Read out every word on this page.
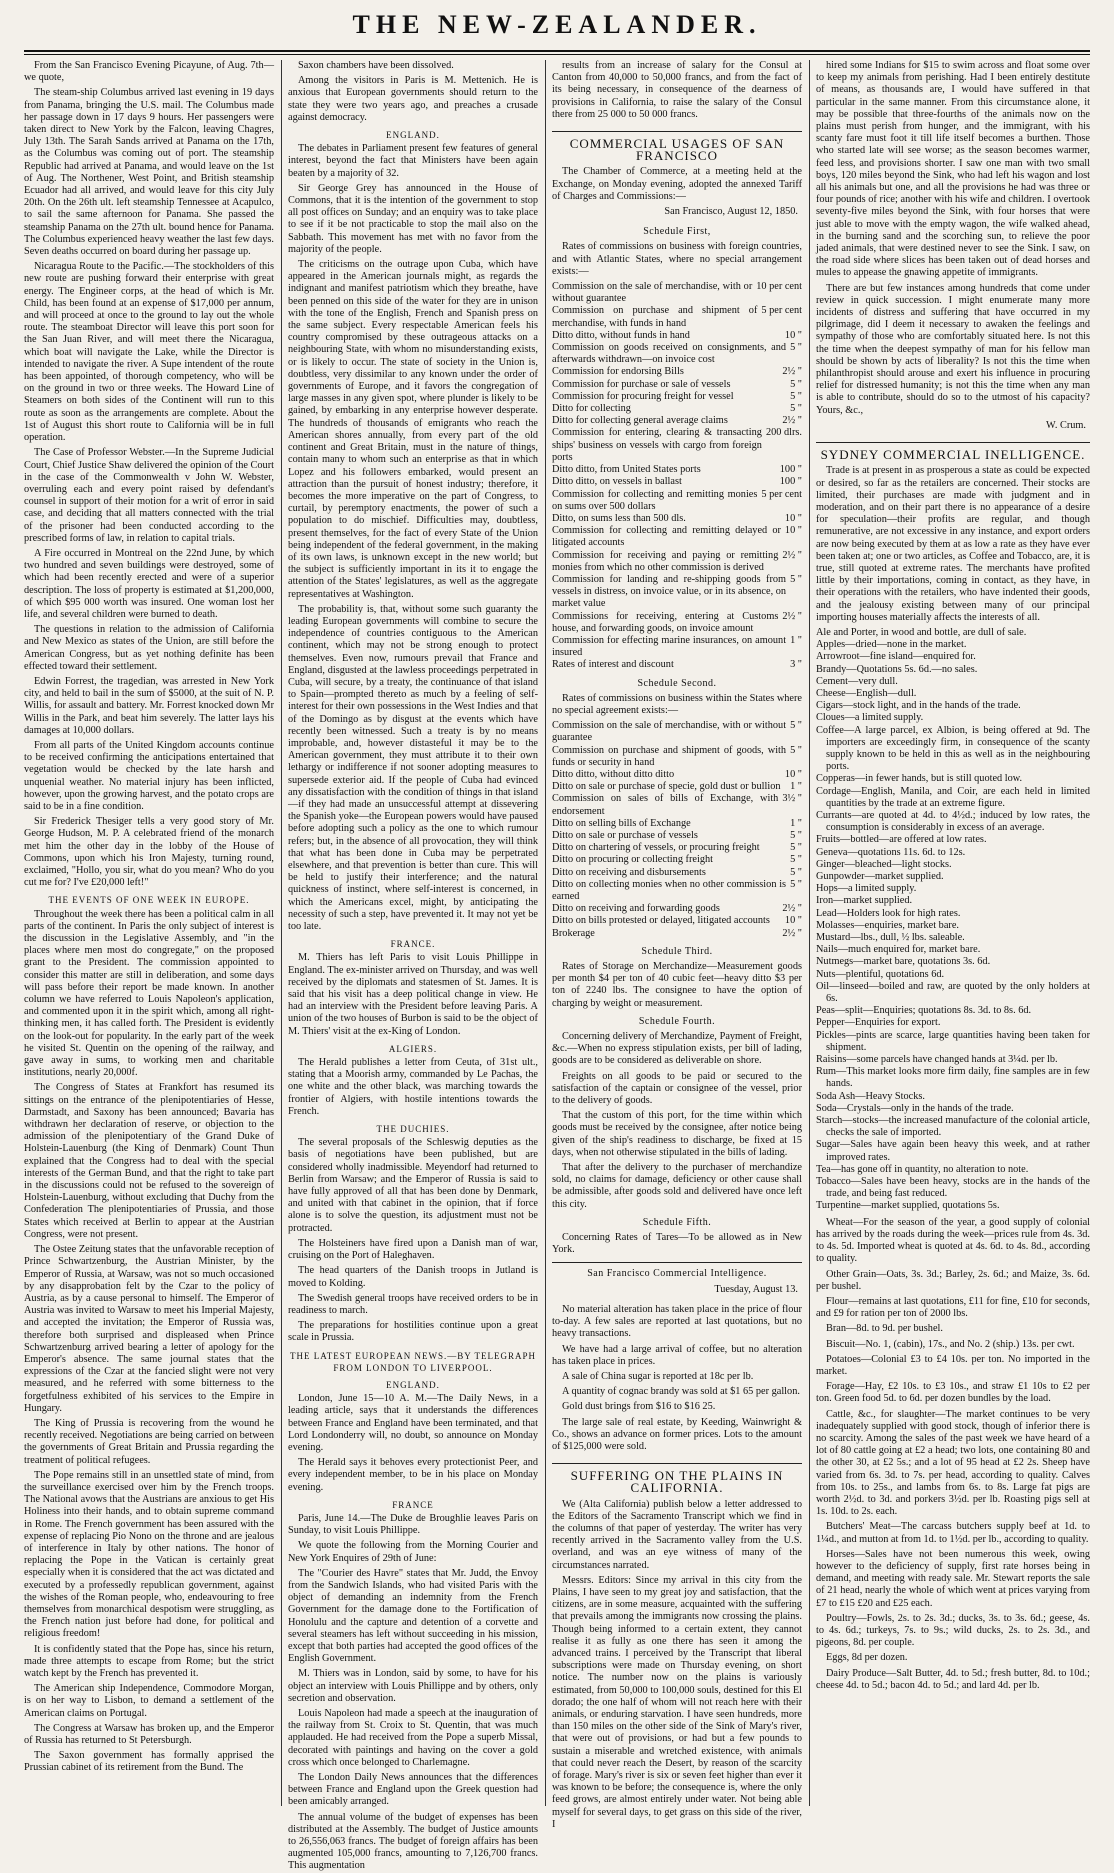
THE NEW-ZEALANDER.

From the San Francisco Evening Picayune, of Aug. 7th—we quote,

The steam-ship Columbus arrived last evening in 19 days from Panama, bringing the U.S. mail. The Columbus made her passage down in 17 days 9 hours. Her passengers were taken direct to New York by the Falcon, leaving Chagres, July 13th. The Sarah Sands arrived at Panama on the 17th, as the Columbus was coming out of port. The steamship Republic had arrived at Panama, and would leave on the 1st of Aug. The Northener, West Point, and British steamship Ecuador had all arrived, and would leave for this city July 20th. On the 26th ult. left steamship Tennessee at Acapulco, to sail the same afternoon for Panama. She passed the steamship Panama on the 27th ult. bound hence for Panama. The Columbus experienced heavy weather the last few days. Seven deaths occurred on board during her passage up.

Nicaragua Route to the Pacific.—The stockholders of this new route are pushing forward their enterprise with great energy. The Engineer corps, at the head of which is Mr. Child, has been found at an expense of $17,000 per annum, and will proceed at once to the ground to lay out the whole route. The steamboat Director will leave this port soon for the San Juan River, and will meet there the Nicaragua, which boat will navigate the Lake, while the Director is intended to navigate the river. A Supe intendent of the route has been appointed, of thorough competency, who will be on the ground in two or three weeks. The Howard Line of Steamers on both sides of the Continent will run to this route as soon as the arrangements are complete. About the 1st of August this short route to California will be in full operation.

The Case of Professor Webster.—In the Supreme Judicial Court, Chief Justice Shaw delivered the opinion of the Court in the case of the Commonwealth v John W. Webster, overruling each and every point raised by defendant's counsel in support of their motion for a writ of error in said case, and deciding that all matters connected with the trial of the prisoner had been conducted according to the prescribed forms of law, in relation to capital trials.

A Fire occurred in Montreal on the 22nd June, by which two hundred and seven buildings were destroyed, some of which had been recently erected and were of a superior description. The loss of property is estimated at $1,200,000, of which $95 000 worth was insured. One woman lost her life, and several children were burned to death.

The questions in relation to the admission of California and New Mexico as states of the Union, are still before the American Congress, but as yet nothing definite has been effected toward their settlement.

Edwin Forrest, the tragedian, was arrested in New York city, and held to bail in the sum of $5000, at the suit of N. P. Willis, for assault and battery. Mr. Forrest knocked down Mr Willis in the Park, and beat him severely. The latter lays his damages at 10,000 dollars.

From all parts of the United Kingdom accounts continue to be received confirming the anticipations entertained that vegetation would be checked by the late harsh and unquenial weather. No material injury has been inflicted, however, upon the growing harvest, and the potato crops are said to be in a fine condition.

Sir Frederick Thesiger tells a very good story of Mr. George Hudson, M. P. A celebrated friend of the monarch met him the other day in the lobby of the House of Commons, upon which his Iron Majesty, turning round, exclaimed, "Hollo, you sir, what do you mean? Who do you cut me for? I've £20,000 left!"

THE EVENTS OF ONE WEEK IN EUROPE.

Throughout the week there has been a political calm in all parts of the continent. In Paris the only subject of interest is the discussion in the Legislative Assembly, and "in the places where men most do congregate," on the proposed grant to the President. The commission appointed to consider this matter are still in deliberation, and some days will pass before their report be made known. In another column we have referred to Louis Napoleon's application, and commented upon it in the spirit which, among all right-thinking men, it has called forth. The President is evidently on the look-out for popularity. In the early part of the week he visited St. Quentin on the opening of the railway, and gave away in sums, to working men and charitable institutions, nearly 20,000f.

The Congress of States at Frankfort has resumed its sittings on the entrance of the plenipotentiaries of Hesse, Darmstadt, and Saxony has been announced; Bavaria has withdrawn her declaration of reserve, or objection to the admission of the plenipotentiary of the Grand Duke of Holstein-Lauenburg (the King of Denmark) Count Thun explained that the Congress had to deal with the special interests of the German Bund, and that the right to take part in the discussions could not be refused to the sovereign of Holstein-Lauenburg, without excluding that Duchy from the Confederation The plenipotentiaries of Prussia, and those States which received at Berlin to appear at the Austrian Congress, were not present.

The Ostee Zeitung states that the unfavorable reception of Prince Schwartzenburg, the Austrian Minister, by the Emperor of Russia, at Warsaw, was not so much occasioned by any disapprobation felt by the Czar to the policy of Austria, as by a cause personal to himself. The Emperor of Austria was invited to Warsaw to meet his Imperial Majesty, and accepted the invitation; the Emperor of Russia was, therefore both surprised and displeased when Prince Schwartzenburg arrived bearing a letter of apology for the Emperor's absence. The same journal states that the expressions of the Czar at the fancied slight were not very measured, and he referred with some bitterness to the forgetfulness exhibited of his services to the Empire in Hungary.

The King of Prussia is recovering from the wound he recently received. Negotiations are being carried on between the governments of Great Britain and Prussia regarding the treatment of political refugees.

The Pope remains still in an unsettled state of mind, from the surveillance exercised over him by the French troops. The National avows that the Austrians are anxious to get His Holiness into their hands, and to obtain supreme command in Rome. The French government has been assured with the expense of replacing Pio Nono on the throne and are jealous of interference in Italy by other nations. The honor of replacing the Pope in the Vatican is certainly great especially when it is considered that the act was dictated and executed by a professedly republican government, against the wishes of the Roman people, who, endeavouring to free themselves from monarchical despotism were struggling, as the French nation just before had done, for political and religious freedom!

It is confidently stated that the Pope has, since his return, made three attempts to escape from Rome; but the strict watch kept by the French has prevented it.

The American ship Independence, Commodore Morgan, is on her way to Lisbon, to demand a settlement of the American claims on Portugal.

The Congress at Warsaw has broken up, and the Emperor of Russia has returned to St Petersburgh.

The Saxon government has formally apprised the Prussian cabinet of its retirement from the Bund. The

Saxon chambers have been dissolved.

Among the visitors in Paris is M. Mettenich. He is anxious that European governments should return to the state they were two years ago, and preaches a crusade against democracy.

ENGLAND.

The debates in Parliament present few features of general interest, beyond the fact that Ministers have been again beaten by a majority of 32.

Sir George Grey has announced in the House of Commons, that it is the intention of the government to stop all post offices on Sunday; and an enquiry was to take place to see if it be not practicable to stop the mail also on the Sabbath. This movement has met with no favor from the majority of the people.

The criticisms on the outrage upon Cuba, which have appeared in the American journals might, as regards the indignant and manifest patriotism which they breathe, have been penned on this side of the water for they are in unison with the tone of the English, French and Spanish press on the same subject. Every respectable American feels his country compromised by these outrageous attacks on a neighbouring State, with whom no misunderstanding exists, or is likely to occur. The state of society in the Union is, doubtless, very dissimilar to any known under the order of governments of Europe, and it favors the congregation of large masses in any given spot, where plunder is likely to be gained, by embarking in any enterprise however desperate. The hundreds of thousands of emigrants who reach the American shores annually, from every part of the old continent and Great Britain, must in the nature of things, contain many to whom such an enterprise as that in which Lopez and his followers embarked, would present an attraction than the pursuit of honest industry; therefore, it becomes the more imperative on the part of Congress, to curtail, by peremptory enactments, the power of such a population to do mischief. Difficulties may, doubtless, present themselves, for the fact of every State of the Union being independent of the federal government, in the making of its own laws, is unknown except in the new world; but the subject is sufficiently important in its it to engage the attention of the States' legislatures, as well as the aggregate representatives at Washington.

The probability is, that, without some such guaranty the leading European governments will combine to secure the independence of countries contiguous to the American continent, which may not be strong enough to protect themselves. Even now, rumours prevail that France and England, disgusted at the lawless proceedings perpetrated in Cuba, will secure, by a treaty, the continuance of that island to Spain—prompted thereto as much by a feeling of self-interest for their own possessions in the West Indies and that of the Domingo as by disgust at the events which have recently been witnessed. Such a treaty is by no means improbable, and, however distasteful it may be to the American government, they must attribute it to their own lethargy or indifference if not sooner adopting measures to supersede exterior aid. If the people of Cuba had evinced any dissatisfaction with the condition of things in that island—if they had made an unsuccessful attempt at dissevering the Spanish yoke—the European powers would have paused before adopting such a policy as the one to which rumour refers; but, in the absence of all provocation, they will think that what has been done in Cuba may be perpetrated elsewhere, and that prevention is better than cure. This will be held to justify their interference; and the natural quickness of instinct, where self-interest is concerned, in which the Americans excel, might, by anticipating the necessity of such a step, have prevented it. It may not yet be too late.

FRANCE.

M. Thiers has left Paris to visit Louis Phillippe in England. The ex-minister arrived on Thursday, and was well received by the diplomats and statesmen of St. James. It is said that his visit has a deep political change in view. He had an interview with the President before leaving Paris. A union of the two houses of Burbon is said to be the object of M. Thiers' visit at the ex-King of London.

ALGIERS.

The Herald publishes a letter from Ceuta, of 31st ult., stating that a Moorish army, commanded by Le Pachas, the one white and the other black, was marching towards the frontier of Algiers, with hostile intentions towards the French.

THE DUCHIES.

The several proposals of the Schleswig deputies as the basis of negotiations have been published, but are considered wholly inadmissible. Meyendorf had returned to Berlin from Warsaw; and the Emperor of Russia is said to have fully approved of all that has been done by Denmark, and united with that cabinet in the opinion, that if force alone is to solve the question, its adjustment must not be protracted.

The Holsteiners have fired upon a Danish man of war, cruising on the Port of Haleghaven.

The head quarters of the Danish troops in Jutland is moved to Kolding.

The Swedish general troops have received orders to be in readiness to march.

The preparations for hostilities continue upon a great scale in Prussia.

THE LATEST EUROPEAN NEWS.—BY TELEGRAPH FROM LONDON TO LIVERPOOL.
ENGLAND.

London, June 15—10 A. M.—The Daily News, in a leading article, says that it understands the differences between France and England have been terminated, and that Lord Londonderry will, no doubt, so announce on Monday evening.

The Herald says it behoves every protectionist Peer, and every independent member, to be in his place on Monday evening.

FRANCE

Paris, June 14.—The Duke de Broughlie leaves Paris on Sunday, to visit Louis Phillippe.

We quote the following from the Morning Courier and New York Enquires of 29th of June:

The "Courier des Havre" states that Mr. Judd, the Envoy from the Sandwich Islands, who had visited Paris with the object of demanding an indemnity from the French Government for the damage done to the Fortification of Honolulu and the capture and detention of a corvette and several steamers has left without succeeding in his mission, except that both parties had accepted the good offices of the English Government.

M. Thiers was in London, said by some, to have for his object an interview with Louis Phillippe and by others, only secretion and observation.

Louis Napoleon had made a speech at the inauguration of the railway from St. Croix to St. Quentin, that was much applauded. He had received from the Pope a superb Missal, decorated with paintings and having on the cover a gold cross which once belonged to Charlemagne.

The London Daily News announces that the differences between France and England upon the Greek question had been amicably arranged.

The annual volume of the budget of expenses has been distributed at the Assembly. The budget of Justice amounts to 26,556,063 francs. The budget of foreign affairs has been augmented 105,000 francs, amounting to 7,126,700 francs. This augmentation

results from an increase of salary for the Consul at Canton from 40,000 to 50,000 francs, and from the fact of its being necessary, in consequence of the dearness of provisions in California, to raise the salary of the Consul there from 25 000 to 50 000 francs.

COMMERCIAL USAGES OF SAN FRANCISCO

The Chamber of Commerce, at a meeting held at the Exchange, on Monday evening, adopted the annexed Tariff of Charges and Commissions:—

San Francisco, August 12, 1850.
Schedule First,

Rates of commissions on business with foreign countries, and with Atlantic States, where no special arrangement exists:—

Commission on the sale of merchandise, with or without guarantee
10 per cent
Commission on purchase and shipment of merchandise, with funds in hand
5 per cent
Ditto ditto, without funds in hand	10 "
Commission on goods received on consignments, and afterwards withdrawn—on invoice cost
5 "
Commission for endorsing Bills	2½ "
Commission for purchase or sale of vessels	5 "
Commission for procuring freight for vessel	5 "
Ditto for collecting	5 "
Ditto for collecting general average claims	2½ "
Commission for entering, clearing & transacting ships' business on vessels with cargo from foreign ports
200 dlrs.
Ditto ditto, from United States ports	100 "
Ditto ditto, on vessels in ballast	100 "
Commission for collecting and remitting monies on sums over 500 dollars
5 per cent
Ditto, on sums less than 500 dls.	10 "
Commission for collecting and remitting delayed or litigated accounts
10 "
Commission for receiving and paying or remitting monies from which no other commission is derived
2½ "
Commission for landing and re-shipping goods from vessels in distress, on invoice value, or in its absence, on market value
5 "
Commissions for receiving, entering at Customs house, and forwarding goods, on invoice amount
2½ "
Commission for effecting marine insurances, on amount insured
1 "
Rates of interest and discount	3 "
Schedule Second.

Rates of commissions on business within the States where no special agreement exists:—

Commission on the sale of merchandise, with or without guarantee
5 "
Commission on purchase and shipment of goods, with funds or security in hand
5 "
Ditto ditto, without ditto ditto	10 "
Ditto on sale or purchase of specie, gold dust or bullion 1 "
Commission on sales of bills of Exchange, with endorsement
3½ "
Ditto on selling bills of Exchange	1 "
Ditto on sale or purchase of vessels	5 "
Ditto on chartering of vessels, or procuring freight	5 "
Ditto on procuring or collecting freight	5 "
Ditto on receiving and disbursements	5 "
Ditto on collecting monies when no other commission is earned
5 "
Ditto on receiving and forwarding goods	2½ "
Ditto on bills protested or delayed, litigated accounts	10 "
Brokerage	2½ "
Schedule Third.

Rates of Storage on Merchandize—Measurement goods per month $4 per ton of 40 cubic feet—heavy ditto $3 per ton of 2240 lbs. The consignee to have the option of charging by weight or measurement.

Schedule Fourth.

Concerning delivery of Merchandize, Payment of Freight, &c.—When no express stipulation exists, per bill of lading, goods are to be considered as deliverable on shore.

Freights on all goods to be paid or secured to the satisfaction of the captain or consignee of the vessel, prior to the delivery of goods.

That the custom of this port, for the time within which goods must be received by the consignee, after notice being given of the ship's readiness to discharge, be fixed at 15 days, when not otherwise stipulated in the bills of lading.

That after the delivery to the purchaser of merchandize sold, no claims for damage, deficiency or other cause shall be admissible, after goods sold and delivered have once left this city.

Schedule Fifth.

Concerning Rates of Tares—To be allowed as in New York.

San Francisco Commercial Intelligence.
Tuesday, August 13.

No material alteration has taken place in the price of flour to-day. A few sales are reported at last quotations, but no heavy transactions.

We have had a large arrival of coffee, but no alteration has taken place in prices.

A sale of China sugar is reported at 18c per lb.

A quantity of cognac brandy was sold at $1 65 per gallon.

Gold dust brings from $16 to $16 25.

The large sale of real estate, by Keeding, Wainwright & Co., shows an advance on former prices. Lots to the amount of $125,000 were sold.

SUFFERING ON THE PLAINS IN CALIFORNIA.

We (Alta California) publish below a letter addressed to the Editors of the Sacramento Transcript which we find in the columns of that paper of yesterday. The writer has very recently arrived in the Sacramento valley from the U.S. overland, and was an eye witness of many of the circumstances narrated.

Messrs. Editors: Since my arrival in this city from the Plains, I have seen to my great joy and satisfaction, that the citizens, are in some measure, acquainted with the suffering that prevails among the immigrants now crossing the plains. Though being informed to a certain extent, they cannot realise it as fully as one there has seen it among the advanced trains. I perceived by the Transcript that liberal subscriptions were made on Thursday evening, on short notice. The number now on the plains is variously estimated, from 50,000 to 100,000 souls, destined for this El dorado; the one half of whom will not reach here with their animals, or enduring starvation. I have seen hundreds, more than 150 miles on the other side of the Sink of Mary's river, that were out of provisions, or had but a few pounds to sustain a miserable and wretched existence, with animals that could never reach the Desert, by reason of the scarcity of forage. Mary's river is six or seven feet higher than ever it was known to be before; the consequence is, where the only feed grows, are almost entirely under water. Not being able myself for several days, to get grass on this side of the river, I

hired some Indians for $15 to swim across and float some over to keep my animals from perishing. Had I been entirely destitute of means, as thousands are, I would have suffered in that particular in the same manner. From this circumstance alone, it may be possible that three-fourths of the animals now on the plains must perish from hunger, and the immigrant, with his scanty fare must foot it till life itself becomes a burthen. Those who started late will see worse; as the season becomes warmer, feed less, and provisions shorter. I saw one man with two small boys, 120 miles beyond the Sink, who had left his wagon and lost all his animals but one, and all the provisions he had was three or four pounds of rice; another with his wife and children. I overtook seventy-five miles beyond the Sink, with four horses that were just able to move with the empty wagon, the wife walked ahead, in the burning sand and the scorching sun, to relieve the poor jaded animals, that were destined never to see the Sink. I saw, on the road side where slices has been taken out of dead horses and mules to appease the gnawing appetite of immigrants.

There are but few instances among hundreds that come under review in quick succession. I might enumerate many more incidents of distress and suffering that have occurred in my pilgrimage, did I deem it necessary to awaken the feelings and sympathy of those who are comfortably situated here. Is not this the time when the deepest sympathy of man for his fellow man should be shown by acts of liberality? Is not this the time when philanthropist should arouse and exert his influence in procuring relief for distressed humanity; is not this the time when any man is able to contribute, should do so to the utmost of his capacity? Yours, &c.,

W. Crum.
SYDNEY COMMERCIAL INELLIGENCE.

Trade is at present in as prosperous a state as could be expected or desired, so far as the retailers are concerned. Their stocks are limited, their purchases are made with judgment and in moderation, and on their part there is no appearance of a desire for speculation—their profits are regular, and though remunerative, are not excessive in any instance, and export orders are now being executed by them at as low a rate as they have ever been taken at; one or two articles, as Coffee and Tobacco, are, it is true, still quoted at extreme rates. The merchants have profited little by their importations, coming in contact, as they have, in their operations with the retailers, who have indented their goods, and the jealousy existing between many of our principal importing houses materially affects the interests of all.

Ale and Porter, in wood and bottle, are dull of sale.
Apples—dried—none in the market.
Arrowroot—fine island—enquired for.
Brandy—Quotations 5s. 6d.—no sales.
Cement—very dull.
Cheese—English—dull.
Cigars—stock light, and in the hands of the trade.
Cloues—a limited supply.
Coffee—A large parcel, ex Albion, is being offered at 9d. The importers are exceedingly firm, in consequence of the scanty supply known to be held in this as well as in the neighbouring ports.
Copperas—in fewer hands, but is still quoted low.
Cordage—English, Manila, and Coir, are each held in limited quantities by the trade at an extreme figure.
Currants—are quoted at 4d. to 4½d.; induced by low rates, the consumption is considerably in excess of an average.
Fruits—bottled—are offered at low rates.
Geneva—quotations 11s. 6d. to 12s.
Ginger—bleached—light stocks.
Gunpowder—market supplied.
Hops—a limited supply.
Iron—market supplied.
Lead—Holders look for high rates.
Molasses—enquiries, market bare.
Mustard—lbs., dull, ½ lbs. saleable.
Nails—much enquired for, market bare.
Nutmegs—market bare, quotations 3s. 6d.
Nuts—plentiful, quotations 6d.
Oil—linseed—boiled and raw, are quoted by the only holders at 6s.
Peas—split—Enquiries; quotations 8s. 3d. to 8s. 6d.
Pepper—Enquiries for export.
Pickles—pints are scarce, large quantities having been taken for shipment.
Raisins—some parcels have changed hands at 3¼d. per lb.
Rum—This market looks more firm daily, fine samples are in few hands.
Soda Ash—Heavy Stocks.
Soda—Crystals—only in the hands of the trade.
Starch—stocks—the increased manufacture of the colonial article, checks the sale of imported.
Sugar—Sales have again been heavy this week, and at rather improved rates.
Tea—has gone off in quantity, no alteration to note.
Tobacco—Sales have been heavy, stocks are in the hands of the trade, and being fast reduced.
Turpentine—market supplied, quotations 5s.

Wheat—For the season of the year, a good supply of colonial has arrived by the roads during the week—prices rule from 4s. 3d. to 4s. 5d. Imported wheat is quoted at 4s. 6d. to 4s. 8d., according to quality.

Other Grain—Oats, 3s. 3d.; Barley, 2s. 6d.; and Maize, 3s. 6d. per bushel.

Flour—remains at last quotations, £11 for fine, £10 for seconds, and £9 for ration per ton of 2000 lbs.

Bran—8d. to 9d. per bushel.

Biscuit—No. 1, (cabin), 17s., and No. 2 (ship.) 13s. per cwt.

Potatoes—Colonial £3 to £4 10s. per ton. No imported in the market.

Forage—Hay, £2 10s. to £3 10s., and straw £1 10s to £2 per ton. Green food 5d. to 6d. per dozen bundles by the load.

Cattle, &c., for slaughter—The market continues to be very inadequately supplied with good stock, though of inferior there is no scarcity. Among the sales of the past week we have heard of a lot of 80 cattle going at £2 a head; two lots, one containing 80 and the other 30, at £2 5s.; and a lot of 95 head at £2 2s. Sheep have varied from 6s. 3d. to 7s. per head, according to quality. Calves from 10s. to 25s., and lambs from 6s. to 8s. Large fat pigs are worth 2½d. to 3d. and porkers 3½d. per lb. Roasting pigs sell at 1s. 10d. to 2s. each.

Butchers' Meat—The carcass butchers supply beef at 1d. to 1¼d., and mutton at from 1d. to 1½d. per lb., according to quality.

Horses—Sales have not been numerous this week, owing however to the deficiency of supply, first rate horses being in demand, and meeting with ready sale. Mr. Stewart reports the sale of 21 head, nearly the whole of which went at prices varying from £7 to £15 £20 and £25 each.

Poultry—Fowls, 2s. to 2s. 3d.; ducks, 3s. to 3s. 6d.; geese, 4s. to 4s. 6d.; turkeys, 7s. to 9s.; wild ducks, 2s. to 2s. 3d., and pigeons, 8d. per couple.

Eggs, 8d per dozen.

Dairy Produce—Salt Butter, 4d. to 5d.; fresh butter, 8d. to 10d.; cheese 4d. to 5d.; bacon 4d. to 5d.; and lard 4d. per lb.
